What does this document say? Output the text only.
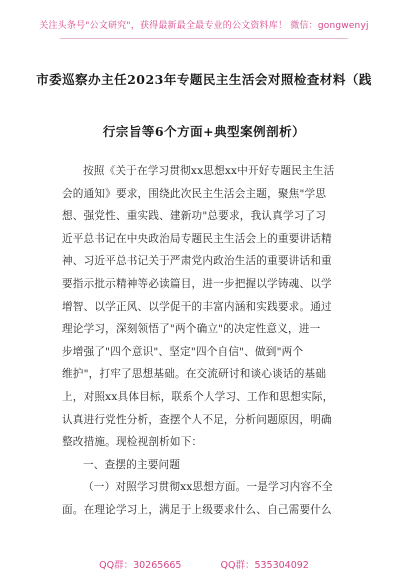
关注头条号"公文研究"，获得最新最全最专业的公文资料库！ 微信：gongwenyj
市委巡察办主任2023年专题民主生活会对照检查材料（践
行宗旨等6个方面+典型案例剖析）
按照《关于在学习贯彻xx思想xx中开好专题民主生活
会的通知》要求，围绕此次民主生活会主题，聚焦"学思
想、强党性、重实践、建新功"总要求，我认真学习了习
近平总书记在中央政治局专题民主生活会上的重要讲话精
神、习近平总书记关于严肃党内政治生活的重要讲话和重
要指示批示精神等必读篇目，进一步把握以学铸魂、以学
增智、以学正风、以学促干的丰富内涵和实践要求。通过
理论学习，深刻领悟了"两个确立"的决定性意义，进一
步增强了"四个意识"、坚定"四个自信"、做到"两个
维护"，打牢了思想基础。在交流研讨和谈心谈话的基础
上，对照xx具体目标，联系个人学习、工作和思想实际，
认真进行党性分析，查摆个人不足，分析问题原因，明确
整改措施。现检视剖析如下：
一、查摆的主要问题
（一）对照学习贯彻xx思想方面。一是学习内容不全
面。在理论学习上，满足于上级要求什么、自己需要什么
QQ群：30265665	QQ群：535304092
